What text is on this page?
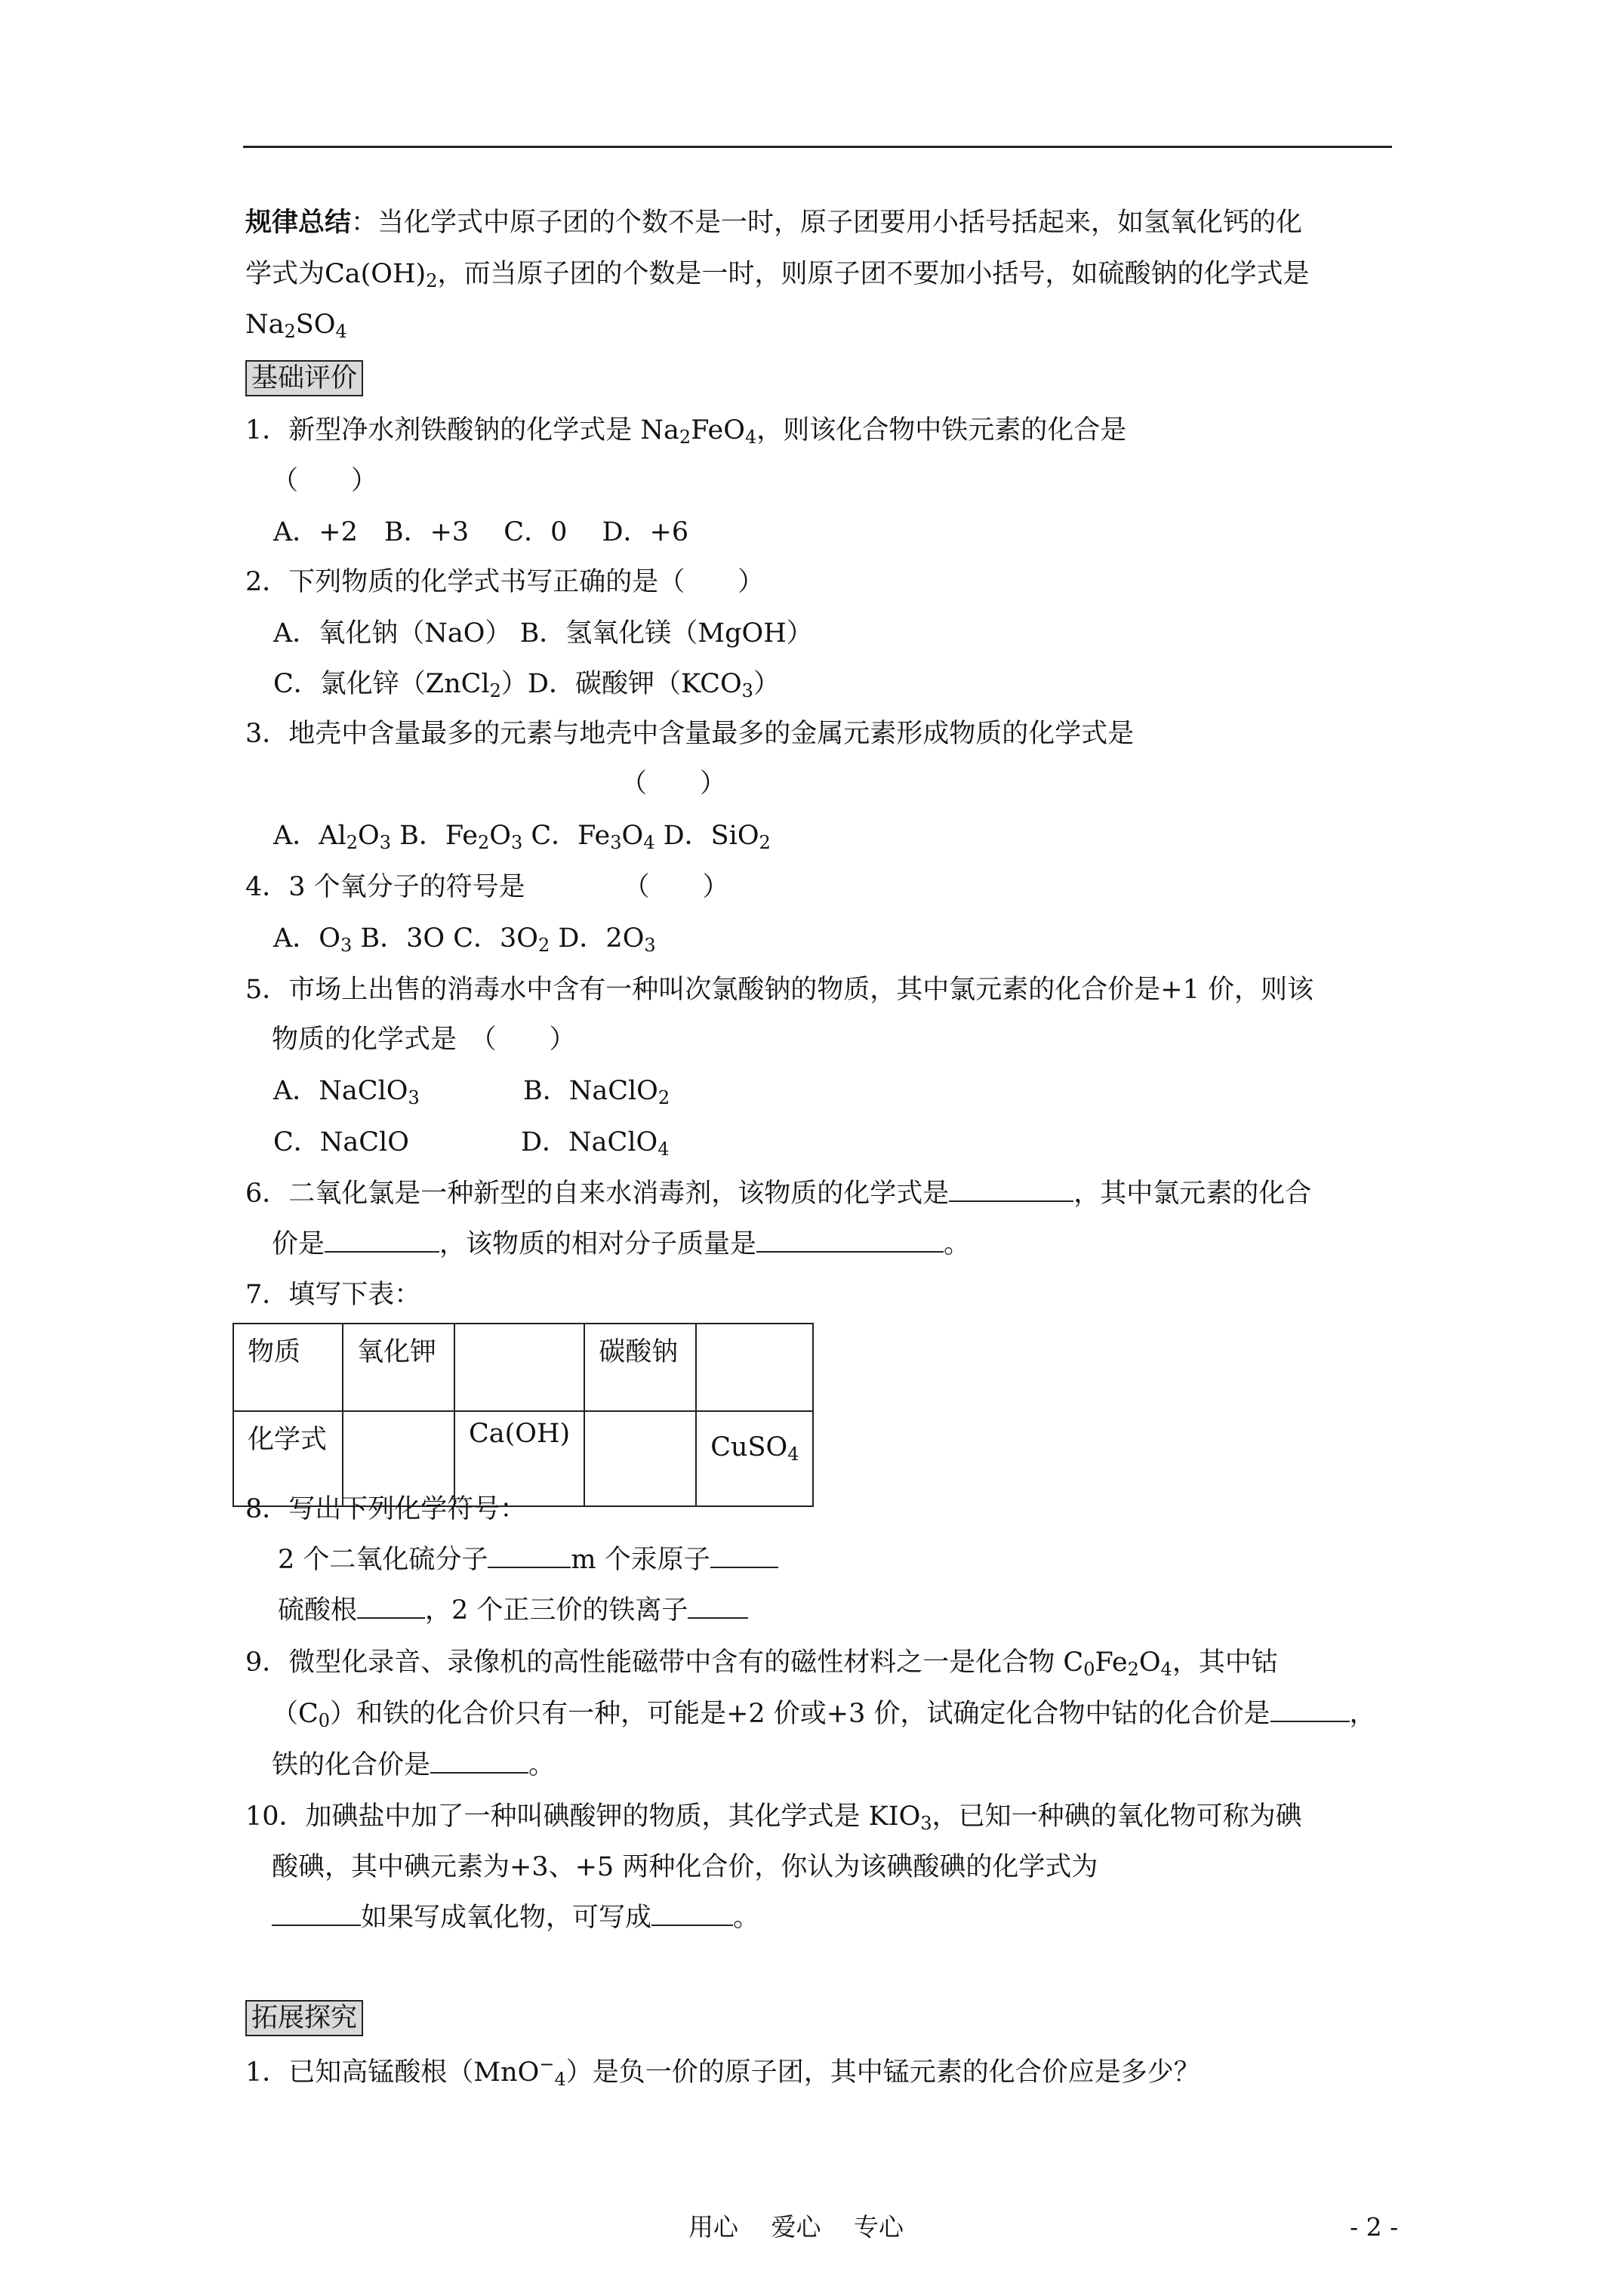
规律总结：当化学式中原子团的个数不是一时，原子团要用小括号括起来，如氢氧化钙的化
学式为$Ca(OH)_2$，而当原子团的个数是一时，则原子团不要加小括号，如硫酸钠的化学式是
$Na_2SO_4$
基础评价
1．新型净水剂铁酸钠的化学式是 $Na_2FeO_4$，则该化合物中铁元素的化合是
（　　）
A．+2　B．+3　 C．0　 D．+6
2．下列物质的化学式书写正确的是（　　）
A．氧化钠（NaO） B．氢氧化镁（MgOH）
C．氯化锌（ZnCl$_2$）D．碳酸钾$(KCO_3)$
3．地壳中含量最多的元素与地壳中含量最多的金属元素形成物质的化学式是
（　　）
A．$Al_2O_3$ B．$Fe_2O_3$ C．$Fe_3O_4$ D．SiO$_2$
4．3 个氧分子的符号是	（　　）
A．$O_3$ B．3O C．$3O_2$ D．$2O_3$
5．市场上出售的消毒水中含有一种叫次氯酸钠的物质，其中氯元素的化合价是+1 价，则该
物质的化学式是　（　　）
A．NaClO$_3$	B．NaClO$_2$
C．NaClO	D．NaClO$_4$
6．二氧化氯是一种新型的自来水消毒剂，该物质的化学式是	，其中氯元素的化合
价是	，该物质的相对分子质量是	。
7．填写下表：
物质	氧化钾		碳酸钠	

化学式		Ca(OH)		CuSO$_4$
8．写出下列化学符号：
2 个二氧化硫分子	m 个汞原子
硫酸根	，2 个正三价的铁离子
9．微型化录音、录像机的高性能磁带中含有的磁性材料之一是化合物 $C_0Fe_2O_4$，其中钴
$(C_0)$和铁的化合价只有一种，可能是+2 价或+3 价，试确定化合物中钴的化合价是	，
铁的化合价是	。
10．加碘盐中加了一种叫碘酸钾的物质，其化学式是 $KIO_3$，已知一种碘的氧化物可称为碘
酸碘，其中碘元素为+3、+5 两种化合价，你认为该碘酸碘的化学式为
如果写成氧化物，可写成	。
拓展探究
1．已知高锰酸根（MnO−$_4$）是负一价的原子团，其中锰元素的化合价应是多少？
用心　 爱心　 专心	- 2 -
